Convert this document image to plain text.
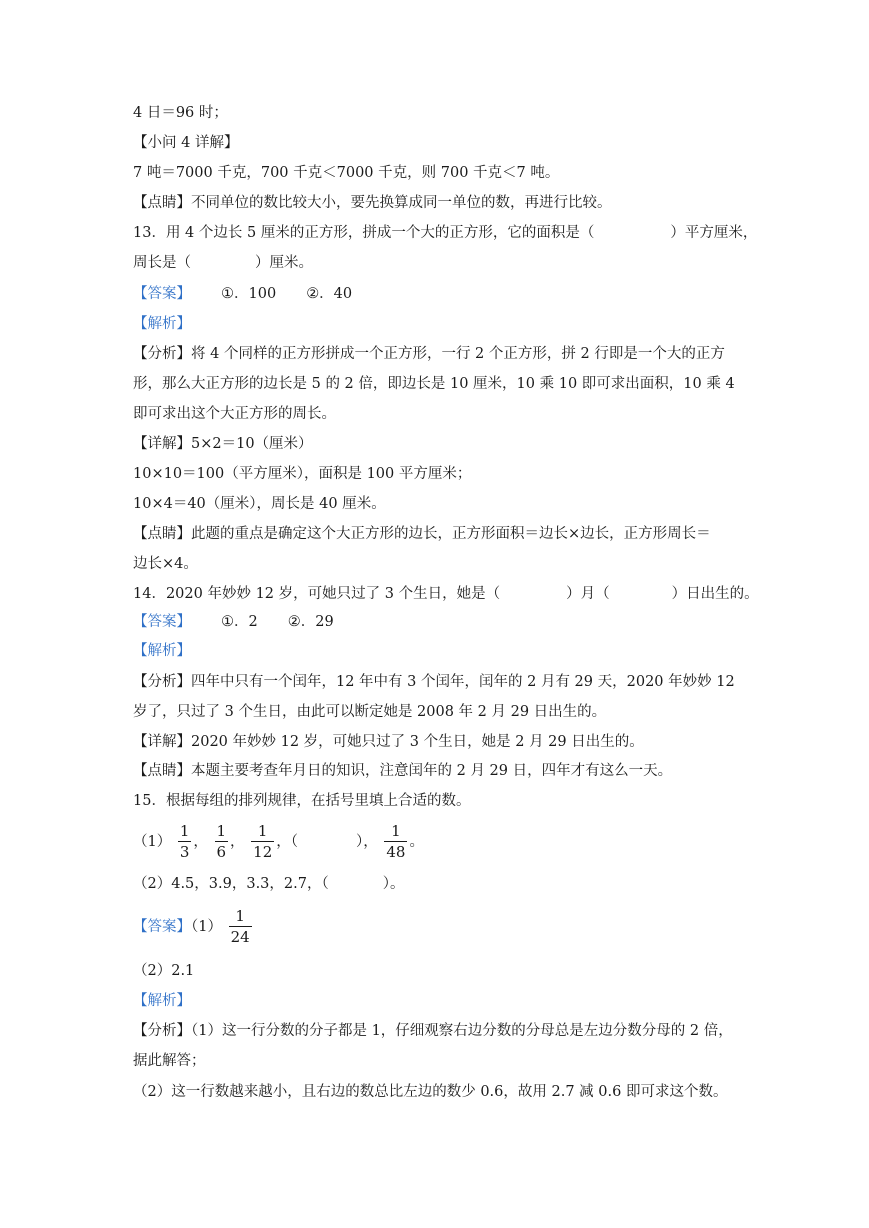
4 日＝96 时；
【小问 4 详解】
7 吨＝7000 千克，700 千克＜7000 千克，则 700 千克＜7 吨。
【点睛】不同单位的数比较大小，要先换算成同一单位的数，再进行比较。
13．用 4 个边长 5 厘米的正方形，拼成一个大的正方形，它的面积是（	）平方厘米，
周长是（	）厘米。
【答案】 ①．100 ②．40
【解析】
【分析】将 4 个同样的正方形拼成一个正方形，一行 2 个正方形，拼 2 行即是一个大的正方
形，那么大正方形的边长是 5 的 2 倍，即边长是 10 厘米，10 乘 10 即可求出面积，10 乘 4
即可求出这个大正方形的周长。
【详解】5×2＝10（厘米）
10×10＝100（平方厘米），面积是 100 平方厘米；
10×4＝40（厘米），周长是 40 厘米。
【点睛】此题的重点是确定这个大正方形的边长，正方形面积＝边长×边长，正方形周长＝
边长×4。
14．2020 年妙妙 12 岁，可她只过了 3 个生日，她是（	）月（	）日出生的。
【答案】 ①．2 ②．29
【解析】
【分析】四年中只有一个闰年，12 年中有 3 个闰年，闰年的 2 月有 29 天，2020 年妙妙 12
岁了，只过了 3 个生日，由此可以断定她是 2008 年 2 月 29 日出生的。
【详解】2020 年妙妙 12 岁，可她只过了 3 个生日，她是 2 月 29 日出生的。
【点睛】本题主要考查年月日的知识，注意闰年的 2 月 29 日，四年才有这么一天。
15．根据每组的排列规律，在括号里填上合适的数。
$(1) \frac{1}{3}$ ， $\frac{1}{6}$ ， $\frac{1}{12}$ ，（	）， $\frac{1}{48}$ 。
（2）4.5，3.9，3.3，2.7，（	）。
【答案】$(1) \frac{1}{24}$
（2）2.1
【解析】
【分析】（1）这一行分数的分子都是 1，仔细观察右边分数的分母总是左边分数分母的 2 倍，
据此解答；
（2）这一行数越来越小，且右边的数总比左边的数少 0.6，故用 2.7 减 0.6 即可求这个数。
